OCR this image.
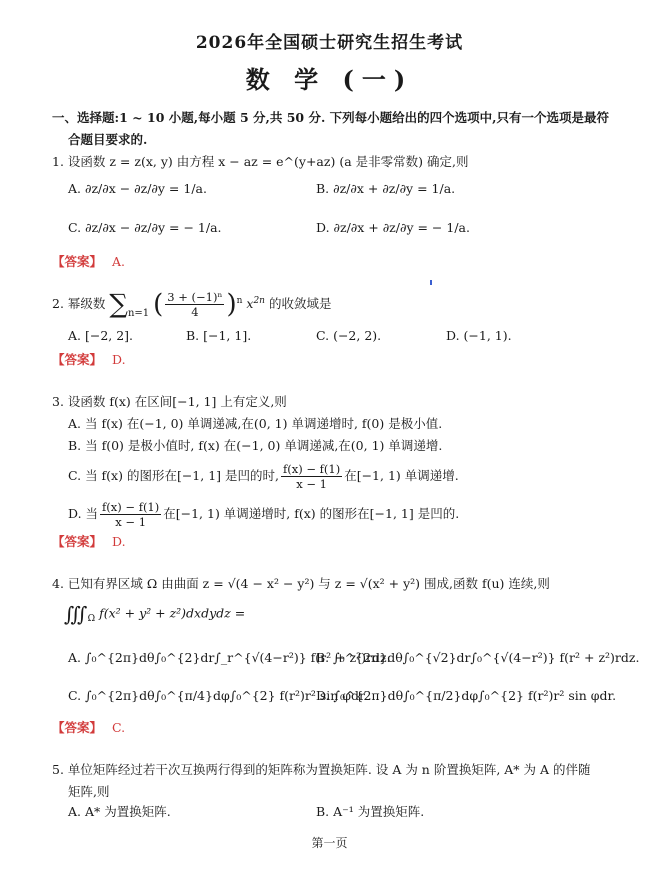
2026年全国硕士研究生招生考试
数 学 (一)
一、选择题:1 ~ 10 小题,每小题 5 分,共 50 分. 下列每小题给出的四个选项中,只有一个选项是最符
合题目要求的.
1. 设函数 z = z(x, y) 由方程 x − az = e^(y+az) (a 是非零常数) 确定,则
A. ∂z/∂x − ∂z/∂y = 1/a.	B. ∂z/∂x + ∂z/∂y = 1/a.
C. ∂z/∂x − ∂z/∂y = − 1/a.	D. ∂z/∂x + ∂z/∂y = − 1/a.
【答案】 A.
2. 幂级数 $\sum_{n=1}$ ( $\frac{\text{3 + (−1)ⁿ}}{4} )^n$ $x^{2n}$ 的收敛域是
A. [−2, 2].	B. [−1, 1].	C. (−2, 2).	D. (−1, 1).
【答案】 D.
3. 设函数 f(x) 在区间[−1, 1] 上有定义,则
A. 当 f(x) 在(−1, 0) 单调递减,在(0, 1) 单调递增时, f(0) 是极小值.
B. 当 f(0) 是极小值时, f(x) 在(−1, 0) 单调递减,在(0, 1) 单调递增.
C. 当 f(x) 的图形在[−1, 1] 是凹的时, $\frac{f(x) - f(1)}{x - 1}$ 在[−1, 1) 单调递增.
D. 当 $\frac{f(x) - f(1)}{x - 1}$ 在[−1, 1) 单调递增时, f(x) 的图形在[−1, 1] 是凹的.
【答案】 D.
4. 已知有界区域 Ω 由曲面 z = √(4 − x² − y²) 与 z = √(x² + y²) 围成,函数 f(u) 连续,则
$∭_\Omega$ f(x² + y² + z²)dxdydz =
A. ∫₀^{2π}dθ∫₀^{2}dr∫_r^{√(4−r²)} f(r² + z²)rdz.
B. ∫₀^{2π}dθ∫₀^{√2}dr∫₀^{√(4−r²)} f(r² + z²)rdz.
C. ∫₀^{2π}dθ∫₀^{π/4}dφ∫₀^{2} f(r²)r² sin φdr.
D. ∫₀^{2π}dθ∫₀^{π/2}dφ∫₀^{2} f(r²)r² sin φdr.
【答案】 C.
5. 单位矩阵经过若干次互换两行得到的矩阵称为置换矩阵. 设 A 为 n 阶置换矩阵, A* 为 A 的伴随
矩阵,则
A. A* 为置换矩阵.	B. A⁻¹ 为置换矩阵.
第一页
